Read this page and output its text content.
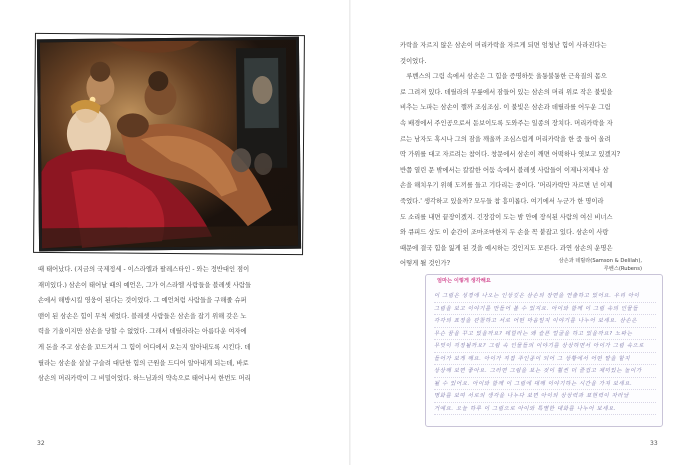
삼손과 데릴라(Samson & Delilah),
루벤스(Rubens)
때 태어났다. (지금의 국제정세 - 이스라엘과 팔레스타인 - 와는 정반대인 점이
재미있다.) 삼손이 태어날 때의 예언은, 그가 이스라엘 사람들을 블레셋 사람들
손에서 해방시킬 영웅이 된다는 것이었다. 그 예언처럼 사람들을 구해줄 슈퍼
맨이 된 삼손은 힘이 무척 세었다. 블레셋 사람들은 삼손을 잡기 위해 갖은 노
력을 기울이지만 삼손을 당할 수 없었다. 그래서 데릴라라는 아름다운 여자에
게 돈을 주고 삼손을 꼬드겨서 그 힘이 어디에서 오는지 알아내도록 시킨다. 데
릴라는 삼손을 살살 구슬려 대단한 힘의 근원을 드디어 알아내게 되는데, 바로
삼손의 머리카락이 그 비밀이었다. 하느님과의 약속으로 태어나서 한번도 머리
32
카락을 자르지 않은 삼손이 머리카락을 자르게 되면 엄청난 힘이 사라진다는
것이었다.
　루벤스의 그림 속에서 삼손은 그 힘을 증명하듯 울퉁불퉁한 근육질의 몸으
로 그려져 있다. 데릴라의 무릎에서 잠들어 있는 삼손의 머리 위로 작은 불빛을
비추는 노파는 삼손이 깰까 조심조심. 이 불빛은 삼손과 데릴라를 어두운 그림
속 배경에서 주인공으로서 돋보이도록 도와주는 일종의 장치다. 머리카락을 자
르는 남자도 혹시나 그의 잠을 깨울까 조심스럽게 머리카락을 한 줌 들어 올려
딱 가위를 대고 자르려는 참이다. 창문에서 삼손이 깨면 어떡하나 엿보고 있겠지?
반쯤 열린 문 밖에서는 칼칼한 어둠 속에서 블레셋 사람들이 이제나저제나 삼
손을 해치우기 위해 도끼를 들고 기다리는 중이다. '머리카락만 자르면 넌 이제
죽었다.' 생각하고 있을까? 모두들 참 흥미롭다. 여기에서 누군가 한 명이라
도 소리를 내면 끝장이겠지. 긴장감이 도는 밤 안에 장식된 사람의 여신 비너스
와 큐피드 상도 이 순간이 조마조마한지 두 손을 꼭 붙잡고 있다. 삼손이 사랑
때문에 결국 힘을 잃게 된 것을 예시하는 것인지도 모른다. 과연 삼손의 운명은
어떻게 될 것인가?
엄마는 이렇게 생각해요
이 그림은 성경에 나오는 인상깊은 삼손의 장면을 연출하고 있어요. 우리 아이
그림을 보고 이야기를 만들어 볼 수 있지요. 아이와 함께 이 그림 속의 인물들
각각의 표정을 관찰하고 서로 어떤 마음일지 이야기를 나누어 보세요. 삼손은
무슨 꿈을 꾸고 있을까요? 데릴라는 왜 슬픈 얼굴을 하고 있을까요? 노파는
무엇이 걱정될까요? 그림 속 인물들의 이야기를 상상하면서 아이가 그림 속으로
들어가 보게 해요. 아이가 직접 주인공이 되어 그 상황에서 어떤 말을 할지
상상해 보면 좋아요. 그러면 그림을 보는 것이 훨씬 더 즐겁고 재미있는 놀이가
될 수 있어요. 아이와 함께 이 그림에 대해 이야기하는 시간을 가져 보세요.
명화를 보며 서로의 생각을 나누다 보면 아이의 상상력과 표현력이 자라날
거예요. 오늘 하루 이 그림으로 아이와 특별한 대화를 나누어 보세요.
33
